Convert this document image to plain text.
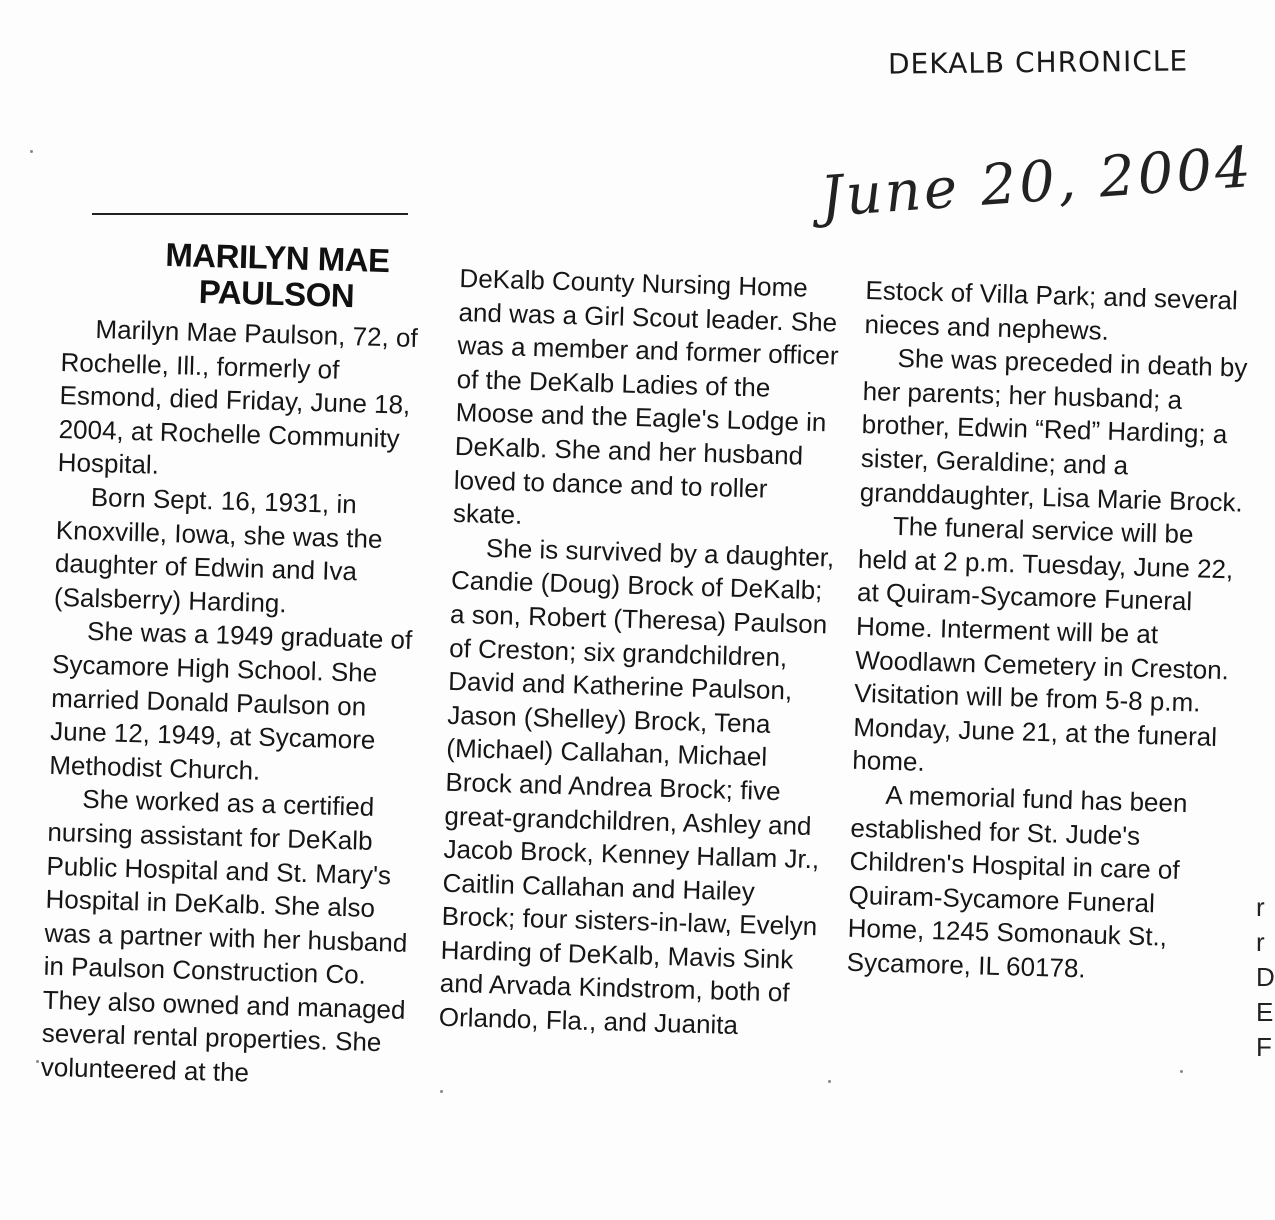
DEKALB CHRONICLE
June 20, 2004
MARILYN MAE
PAULSON

Marilyn Mae Paulson, 72, of Rochelle, Ill., formerly of Esmond, died Friday, June 18, 2004, at Rochelle Community Hospital.

Born Sept. 16, 1931, in Knoxville, Iowa, she was the daughter of Edwin and Iva (Salsberry) Harding.

She was a 1949 graduate of Sycamore High School. She married Donald Paulson on June 12, 1949, at Sycamore Methodist Church.

She worked as a certified nursing assistant for DeKalb Public Hospital and St. Mary's Hospital in DeKalb. She also was a partner with her husband in Paulson Construction Co. They also owned and managed several rental properties. She volunteered at the

DeKalb County Nursing Home and was a Girl Scout leader. She was a member and former officer of the DeKalb Ladies of the Moose and the Eagle's Lodge in DeKalb. She and her husband loved to dance and to roller skate.

She is survived by a daughter, Candie (Doug) Brock of DeKalb; a son, Robert (Theresa) Paulson of Creston; six grandchildren, David and Katherine Paulson, Jason (Shelley) Brock, Tena (Michael) Callahan, Michael Brock and Andrea Brock; five great-grandchildren, Ashley and Jacob Brock, Kenney Hallam Jr., Caitlin Callahan and Hailey Brock; four sisters-in-law, Evelyn Harding of DeKalb, Mavis Sink and Arvada Kindstrom, both of Orlando, Fla., and Juanita

Estock of Villa Park; and several nieces and nephews.

She was preceded in death by her parents; her husband; a brother, Edwin “Red” Harding; a sister, Geraldine; and a granddaughter, Lisa Marie Brock.

The funeral service will be held at 2 p.m. Tuesday, June 22, at Quiram-Sycamore Funeral Home. Interment will be at Woodlawn Cemetery in Creston. Visitation will be from 5-8 p.m. Monday, June 21, at the funeral home.

A memorial fund has been established for St. Jude's Children's Hospital in care of Quiram-Sycamore Funeral Home, 1245 Somonauk St., Sycamore, IL 60178.

r
r
D
E
F
